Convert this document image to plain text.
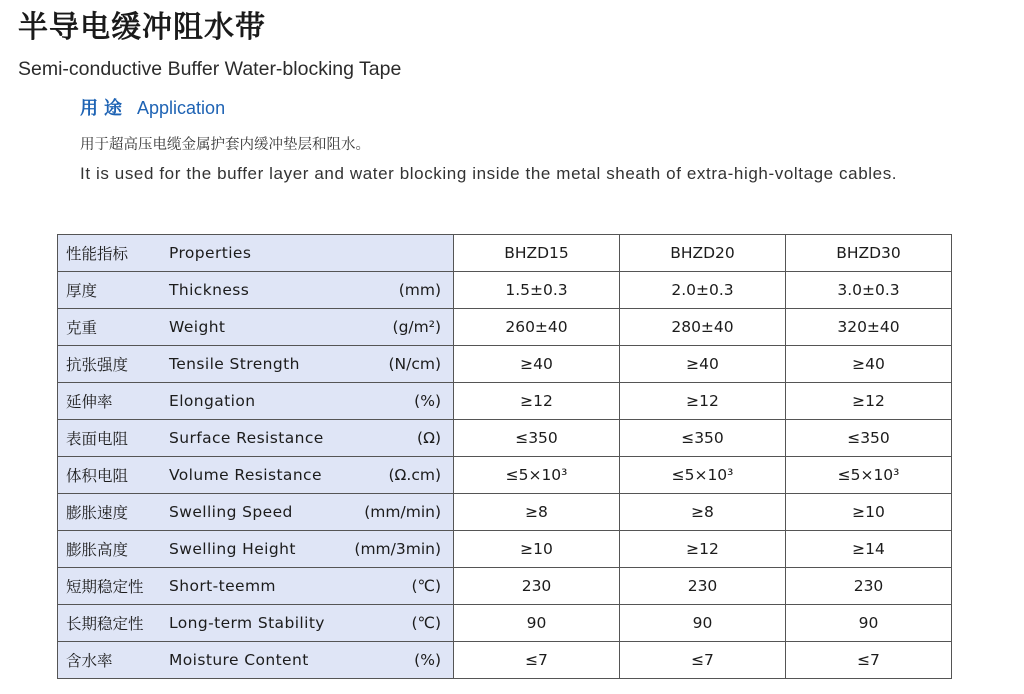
半导电缓冲阻水带
Semi-conductive Buffer Water-blocking Tape
用途 Application
用于超高压电缆金属护套内缓冲垫层和阻水。
It is used for the buffer layer and water blocking inside the metal sheath of extra-high-voltage cables.
性能指标 Properties	BHZD15	BHZD20	BHZD30

厚度 Thickness (mm)	1.5±0.3	2.0±0.3	3.0±0.3

克重 Weight (g/m²)	260±40	280±40	320±40

抗张强度 Tensile Strength (N/cm)	≥40	≥40	≥40

延伸率 Elongation (%)	≥12	≥12	≥12

表面电阻 Surface Resistance (Ω)	≤350	≤350	≤350

体积电阻 Volume Resistance (Ω.cm)	≤5×10³	≤5×10³	≤5×10³

膨胀速度 Swelling Speed (mm/min)	≥8	≥8	≥10

膨胀高度 Swelling Height (mm/3min)	≥10	≥12	≥14

短期稳定性 Short-teemm (℃)	230	230	230

长期稳定性 Long-term Stability (℃)	90	90	90

含水率 Moisture Content (%)	≤7	≤7	≤7
